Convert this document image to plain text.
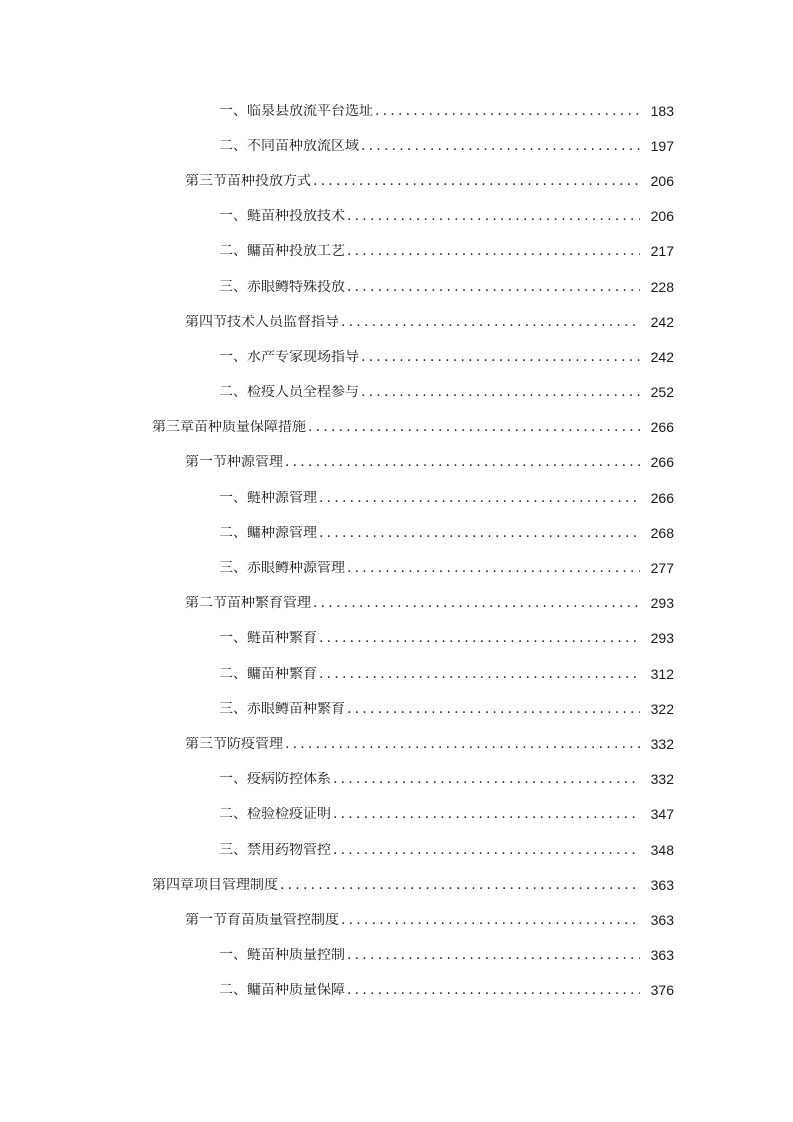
一、 临泉县放流平台选址 .....	183
二、 不同苗种放流区域 .....	197
第三节 苗种投放方式 .....	206
一、 鲢苗种投放技术 .....	206
二、 鳙苗种投放工艺 .....	217
三、 赤眼鳟特殊投放 .....	228
第四节 技术人员监督指导 .....	242
一、 水产专家现场指导 .....	242
二、 检疫人员全程参与 .....	252
第三章 苗种质量保障措施 .....	266
第一节 种源管理 .....	266
一、 鲢种源管理 .....	266
二、 鳙种源管理 .....	268
三、 赤眼鳟种源管理 .....	277
第二节 苗种繁育管理 .....	293
一、 鲢苗种繁育 .....	293
二、 鳙苗种繁育 .....	312
三、 赤眼鳟苗种繁育 .....	322
第三节 防疫管理 .....	332
一、 疫病防控体系 .....	332
二、 检验检疫证明 .....	347
三、 禁用药物管控 .....	348
第四章 项目管理制度 .....	363
第一节 育苗质量管控制度 .....	363
一、 鲢苗种质量控制 .....	363
二、 鳙苗种质量保障 .....	376
